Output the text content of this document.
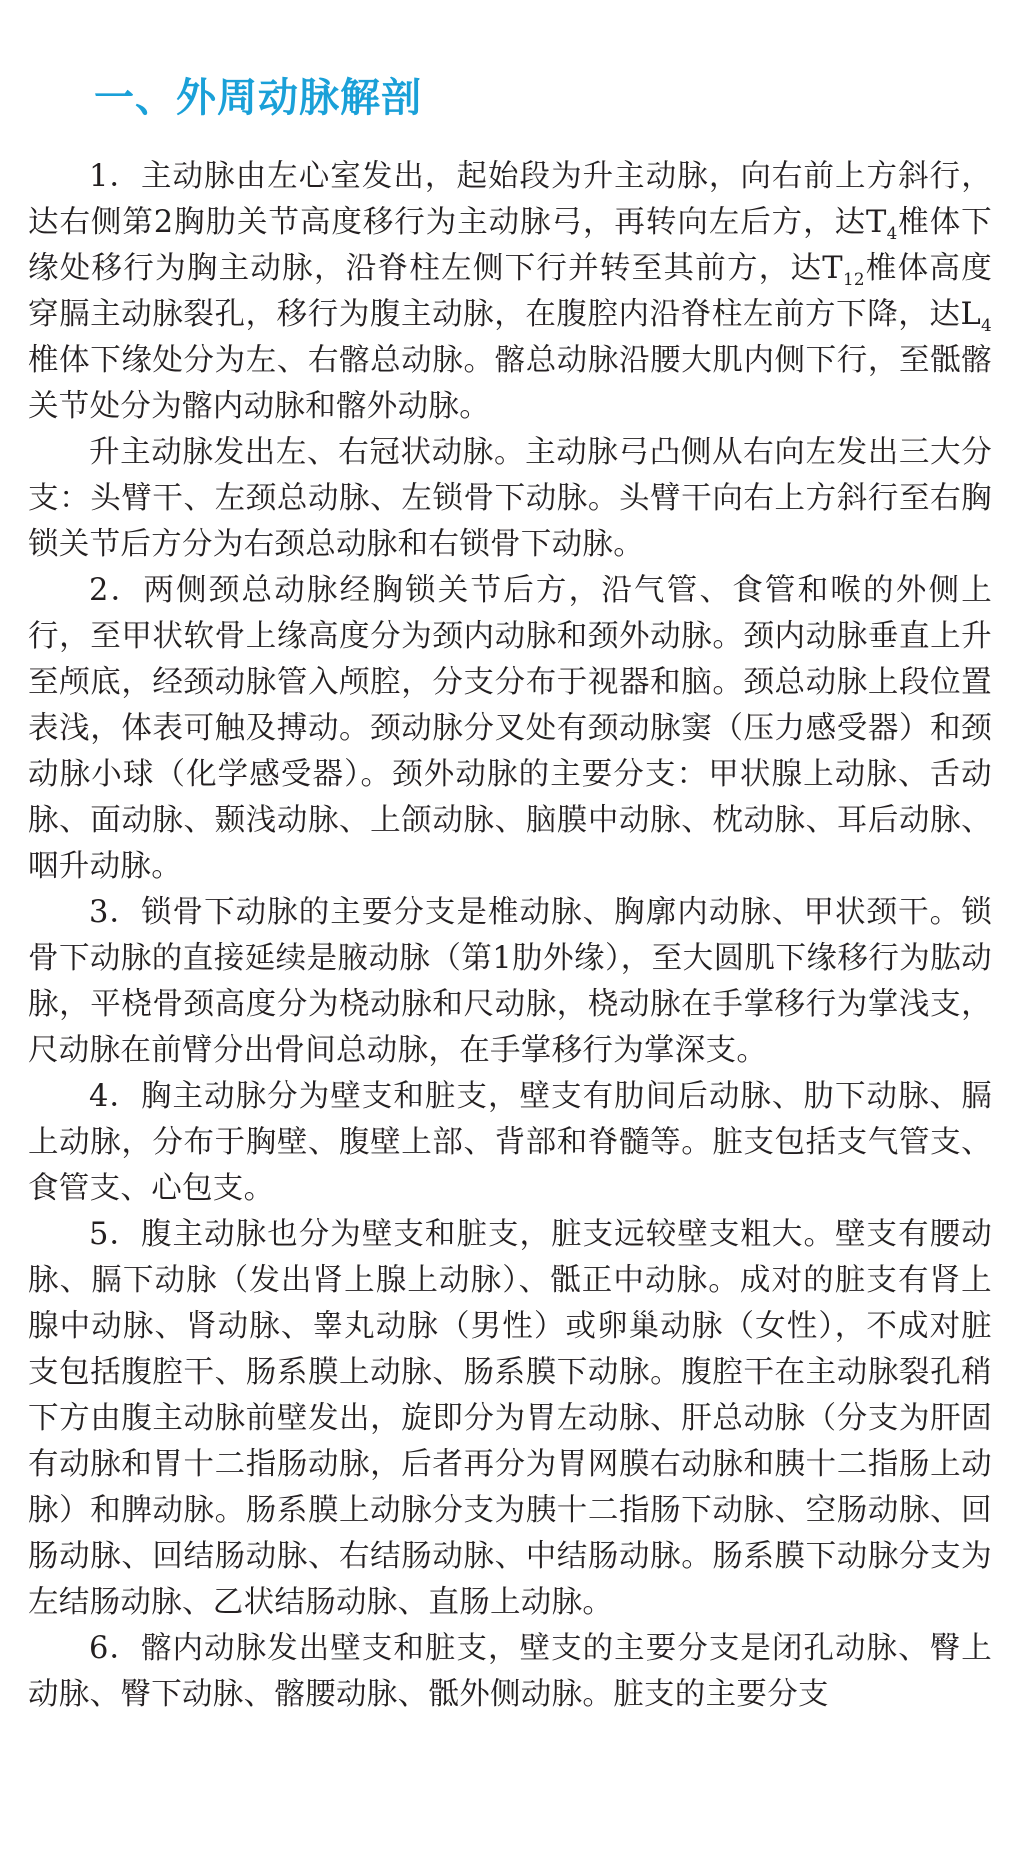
一、外周动脉解剖

1．主动脉由左心室发出，起始段为升主动脉，向右前上方斜行，达右侧第2胸肋关节高度移行为主动脉弓，再转向左后方，达$T_4$椎体下缘处移行为胸主动脉，沿脊柱左侧下行并转至其前方，达$T_{12}$椎体高度穿膈主动脉裂孔，移行为腹主动脉，在腹腔内沿脊柱左前方下降，达$L_4$椎体下缘处分为左、右髂总动脉。髂总动脉沿腰大肌内侧下行，至骶髂关节处分为髂内动脉和髂外动脉。

升主动脉发出左、右冠状动脉。主动脉弓凸侧从右向左发出三大分支：头臂干、左颈总动脉、左锁骨下动脉。头臂干向右上方斜行至右胸锁关节后方分为右颈总动脉和右锁骨下动脉。

2．两侧颈总动脉经胸锁关节后方，沿气管、食管和喉的外侧上行，至甲状软骨上缘高度分为颈内动脉和颈外动脉。颈内动脉垂直上升至颅底，经颈动脉管入颅腔，分支分布于视器和脑。颈总动脉上段位置表浅，体表可触及搏动。颈动脉分叉处有颈动脉窦（压力感受器）和颈动脉小球（化学感受器）。颈外动脉的主要分支：甲状腺上动脉、舌动脉、面动脉、颞浅动脉、上颌动脉、脑膜中动脉、枕动脉、耳后动脉、咽升动脉。

3．锁骨下动脉的主要分支是椎动脉、胸廓内动脉、甲状颈干。锁骨下动脉的直接延续是腋动脉（第1肋外缘），至大圆肌下缘移行为肱动脉，平桡骨颈高度分为桡动脉和尺动脉，桡动脉在手掌移行为掌浅支，尺动脉在前臂分出骨间总动脉，在手掌移行为掌深支。

4．胸主动脉分为壁支和脏支，壁支有肋间后动脉、肋下动脉、膈上动脉，分布于胸壁、腹壁上部、背部和脊髓等。脏支包括支气管支、食管支、心包支。

5．腹主动脉也分为壁支和脏支，脏支远较壁支粗大。壁支有腰动脉、膈下动脉（发出肾上腺上动脉）、骶正中动脉。成对的脏支有肾上腺中动脉、肾动脉、睾丸动脉（男性）或卵巢动脉（女性），不成对脏支包括腹腔干、肠系膜上动脉、肠系膜下动脉。腹腔干在主动脉裂孔稍下方由腹主动脉前壁发出，旋即分为胃左动脉、肝总动脉（分支为肝固有动脉和胃十二指肠动脉，后者再分为胃网膜右动脉和胰十二指肠上动脉）和脾动脉。肠系膜上动脉分支为胰十二指肠下动脉、空肠动脉、回肠动脉、回结肠动脉、右结肠动脉、中结肠动脉。肠系膜下动脉分支为左结肠动脉、乙状结肠动脉、直肠上动脉。

6．髂内动脉发出壁支和脏支，壁支的主要分支是闭孔动脉、臀上动脉、臀下动脉、髂腰动脉、骶外侧动脉。脏支的主要分支
